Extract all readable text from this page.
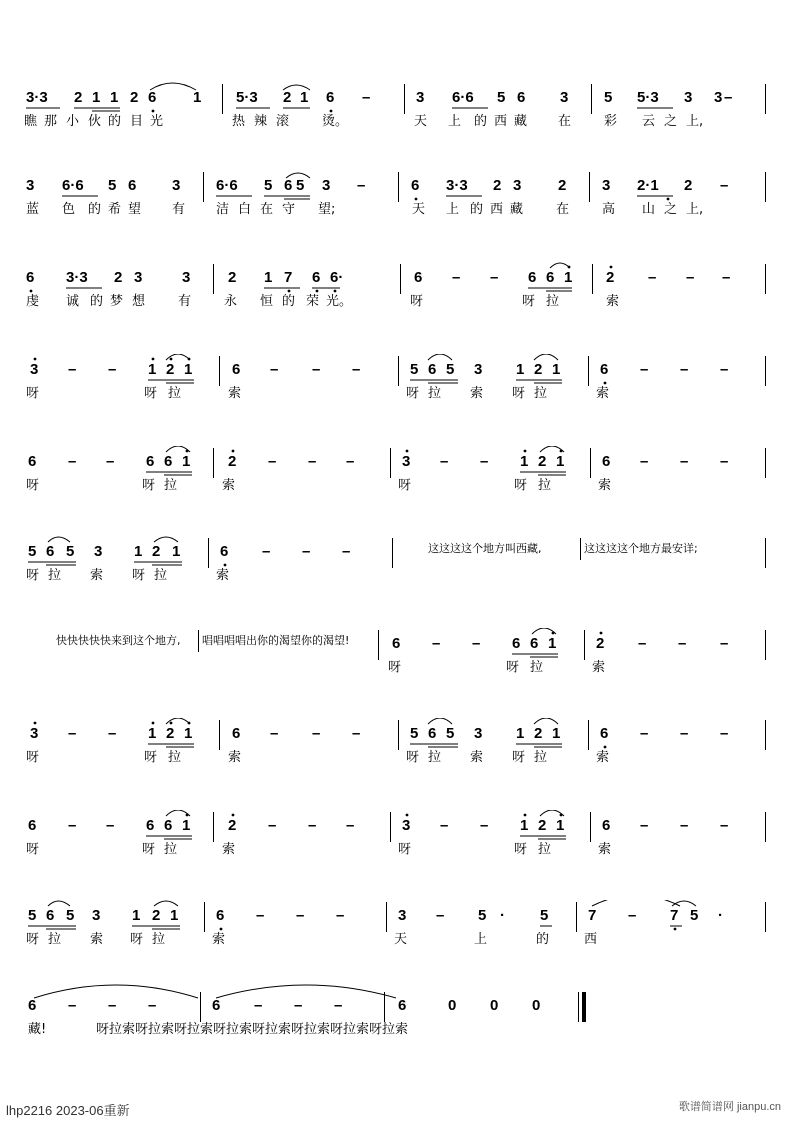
3·3 2 1 1 2 6 1 5·3 2 1 6 –	3 6·6 5 6 3 5 5·3 3 3 –
瞧 那 小 伙 的 目 光	热 辣 滚	烫。	天 上 的 西 藏 在	彩 云 之 上,
3 6·6 5 6 3 6·6 5 6 5 3 –	6 3·3 2 3 2 3 2·1 2 –
蓝 色 的 希 望 有 洁 白 在 守 望;	天 上 的 西 藏	在	高 山 之 上,
6 3·3 2 3	3	2 1 7 6 6·	6 – – 6 6 1 2 – – –
虔 诚 的 梦 想	有	永 恒 的 荣 光。	呀	呀 拉	索
3 – – 1 2 1	6 – – –	5 6 5 3 1 2 1	6 – – –
呀	呀 拉	索	呀 拉 索 呀 拉	索
6 – – 6 6 1	2 – – –	3 – – 1 2 1	6 – – –
呀	呀 拉	索	呀	呀 拉	索
5 6 5 3 1 2 1	6 – – –	这这这这个地方叫西藏,	这这这这个地方最安详;
呀 拉 索 呀 拉	索
快快快快快来到这个地方, 唱唱唱唱出你的渴望你的渴望!	6 – – 6 6 1	2 – – –
呀	呀 拉	索
3 – – 1 2 1	6 – – –	5 6 5 3 1 2 1	6 – – –
呀	呀 拉	索	呀 拉 索 呀 拉	索
6 – – 6 6 1	2 – – –	3 – – 1 2 1	6 – – –
呀	呀 拉	索	呀	呀 拉	索
5 6 5 3 1 2 1	6 – – –	3 – 5 · 5	7 – 7 5 ·
呀 拉 索 呀 拉	索	天	上	的	西
6 – – –	6 – – –	6	0 0 0
藏!	呀拉索呀拉索呀拉索呀拉索呀拉索呀拉索呀拉索呀拉索
lhp2216 2023-06重新	歌谱简谱网 jianpu.cn
